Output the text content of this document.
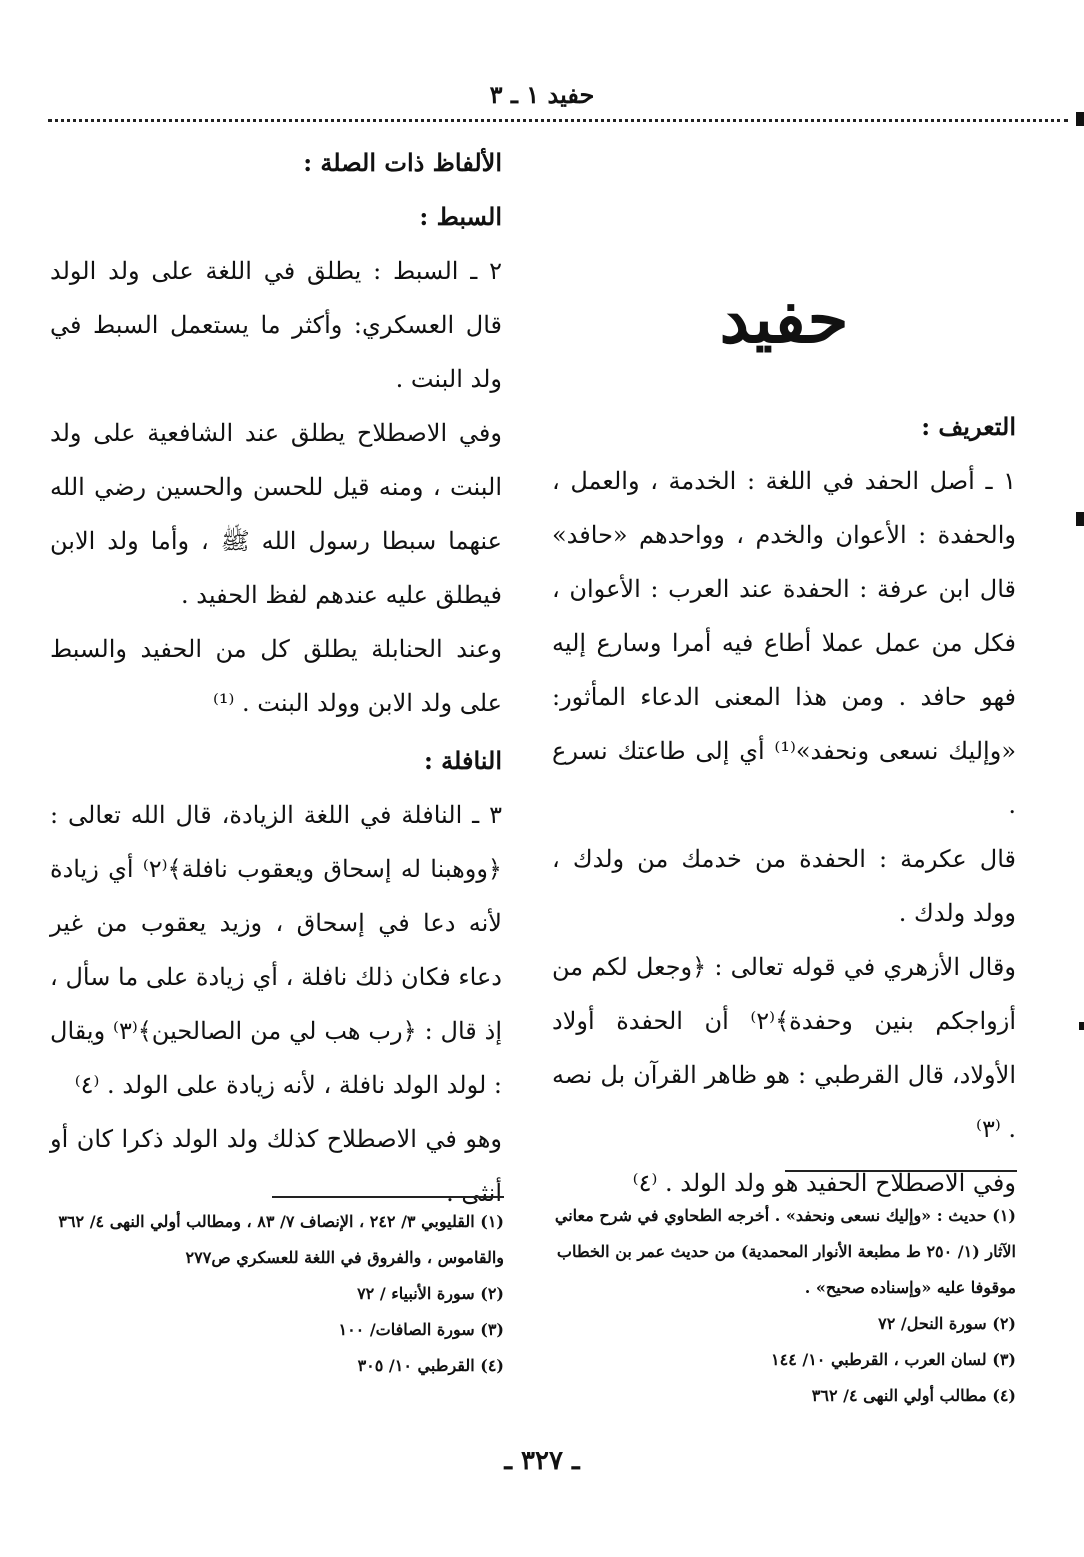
حفيد ١ ـ ٣

حفيد

التعريف :

١ ـ أصل الحفد في اللغة : الخدمة ، والعمل ، والحفدة : الأعوان والخدم ، وواحدهم «حافد» قال ابن عرفة : الحفدة عند العرب : الأعوان ، فكل من عمل عملا أطاع فيه أمرا وسارع إليه فهو حافد . ومن هذا المعنى الدعاء المأثور: «وإليك نسعى ونحفد»⁽¹⁾ أي إلى طاعتك نسرع .

قال عكرمة : الحفدة من خدمك من ولدك ، وولد ولدك .

وقال الأزهري في قوله تعالى : ﴿وجعل لكم من أزواجكم بنين وحفدة﴾⁽٢⁾ أن الحفدة أولاد الأولاد، قال القرطبي : هو ظاهر القرآن بل نصه . ⁽٣⁾

وفي الاصطلاح الحفيد هو ولد الولد . ⁽٤⁾

الألفاظ ذات الصلة :

السبط :

٢ ـ السبط : يطلق في اللغة على ولد الولد قال العسكري: وأكثر ما يستعمل السبط في ولد البنت .

وفي الاصطلاح يطلق عند الشافعية على ولد البنت ، ومنه قيل للحسن والحسين رضي الله عنهما سبطا رسول الله ﷺ ، وأما ولد الابن فيطلق عليه عندهم لفظ الحفيد .

وعند الحنابلة يطلق كل من الحفيد والسبط على ولد الابن وولد البنت . ⁽¹⁾

النافلة :

٣ ـ النافلة في اللغة الزيادة، قال الله تعالى : ﴿ووهبنا له إسحاق ويعقوب نافلة﴾⁽٢⁾ أي زيادة لأنه دعا في إسحاق ، وزيد يعقوب من غير دعاء فكان ذلك نافلة ، أي زيادة على ما سأل ، إذ قال : ﴿رب هب لي من الصالحين﴾⁽٣⁾ ويقال : لولد الولد نافلة ، لأنه زيادة على الولد . ⁽٤⁾

وهو في الاصطلاح كذلك ولد الولد ذكرا كان أو أنثى .

(١) حديث : «وإليك نسعى ونحفد» . أخرجه الطحاوي في شرح معاني الآثار (١/ ٢٥٠ ط مطبعة الأنوار المحمدية) من حديث عمر بن الخطاب موقوفا عليه «وإسناده صحيح» .

(٢) سورة النحل/ ٧٢

(٣) لسان العرب ، القرطبي ١٠/ ١٤٤

(٤) مطالب أولي النهى ٤/ ٣٦٢

(١) القليوبي ٣/ ٢٤٢ ، الإنصاف ٧/ ٨٣ ، ومطالب أولي النهى ٤/ ٣٦٢ والقاموس ، والفروق في اللغة للعسكري ص٢٧٧

(٢) سورة الأنبياء / ٧٢

(٣) سورة الصافات/ ١٠٠

(٤) القرطبي ١٠/ ٣٠٥

ـ ٣٢٧ ـ
